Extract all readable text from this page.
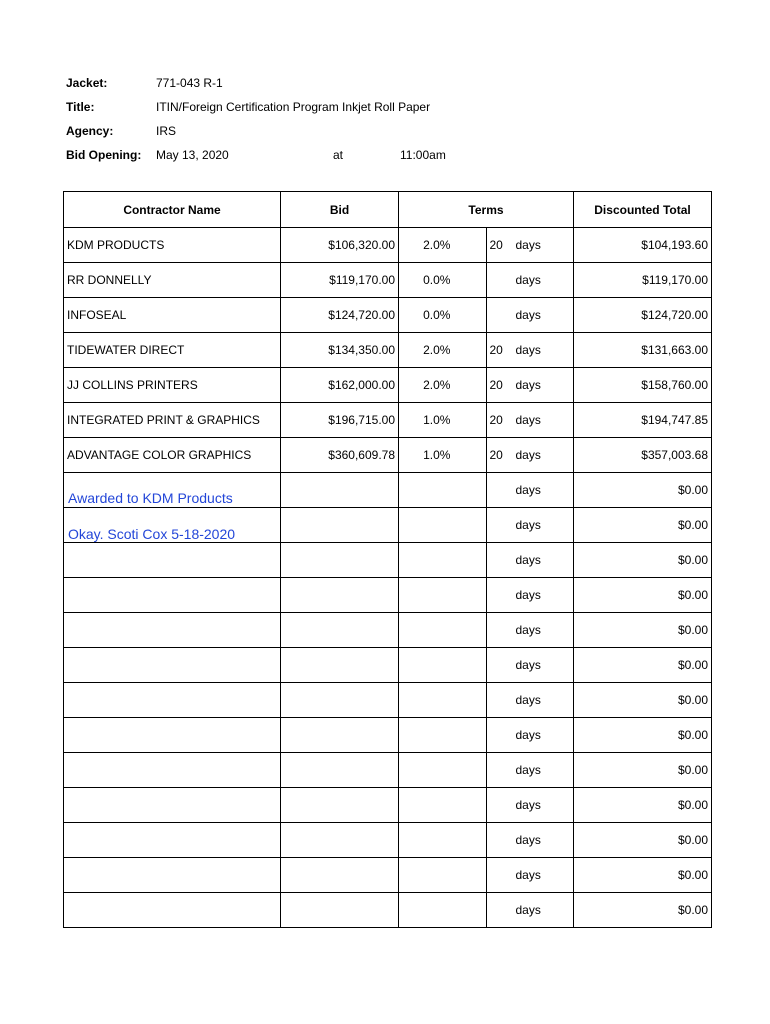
Jacket:	771-043 R-1
Title:	ITIN/Foreign Certification Program Inkjet Roll Paper
Agency:	IRS
Bid Opening: May 13, 2020	at	11:00am
Contractor Name	Bid	Terms		Discounted Total
KDM PRODUCTS	$106,320.00	2.0%	20 days	$104,193.60
RR DONNELLY	$119,170.00	0.0%	days	$119,170.00
INFOSEAL	$124,720.00	0.0%	days	$124,720.00
TIDEWATER DIRECT	$134,350.00	2.0%	20 days	$131,663.00
JJ COLLINS PRINTERS	$162,000.00	2.0%	20 days	$158,760.00
INTEGRATED PRINT & GRAPHICS	$196,715.00	1.0%	20 days	$194,747.85
ADVANTAGE COLOR GRAPHICS	$360,609.78	1.0%	20 days	$357,003.68
			days	$0.00
			days	$0.00
			days	$0.00
			days	$0.00
			days	$0.00
			days	$0.00
			days	$0.00
			days	$0.00
			days	$0.00
			days	$0.00
			days	$0.00
			days	$0.00
			days	$0.00
Awarded to KDM Products
Okay. Scoti Cox 5-18-2020
